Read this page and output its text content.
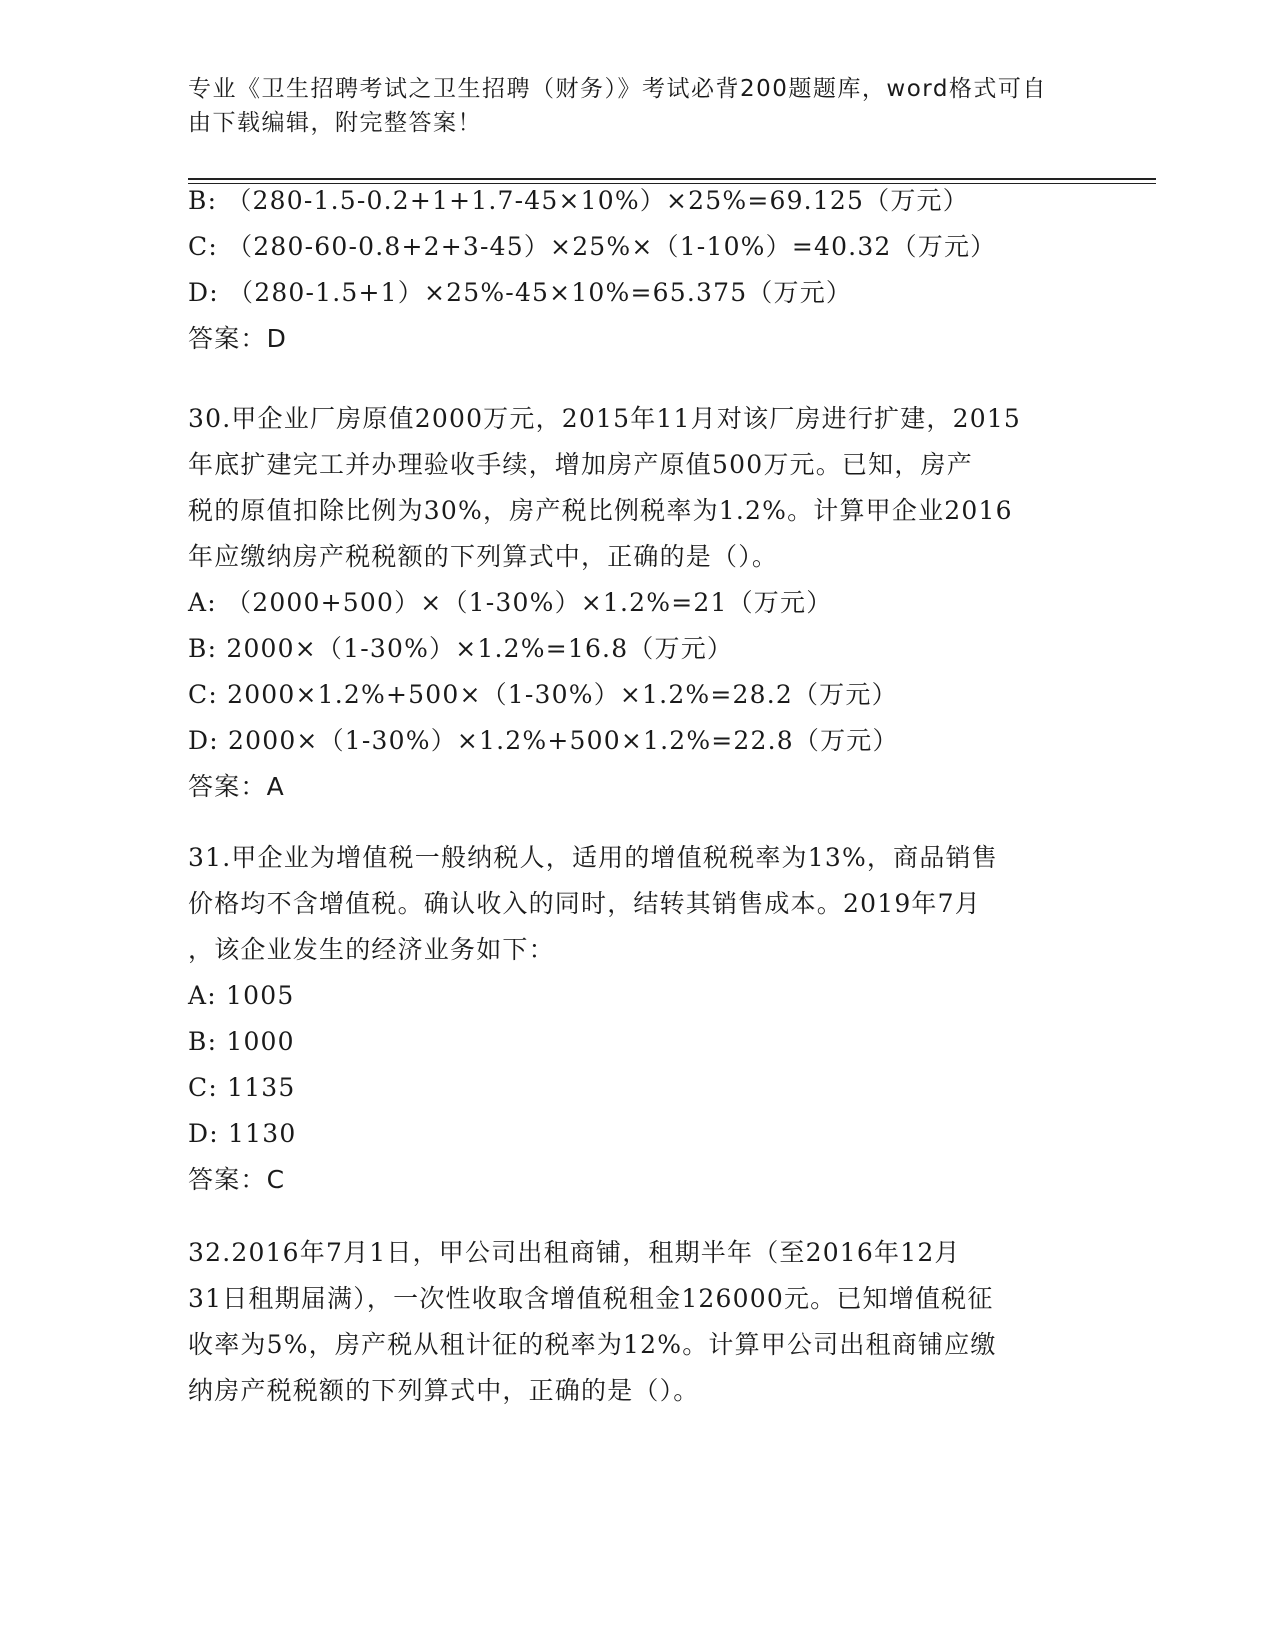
专业《卫生招聘考试之卫生招聘（财务）》考试必背200题题库，word格式可自
由下载编辑，附完整答案！
B: （280-1.5-0.2+1+1.7-45×10%）×25%=69.125（万元）
C: （280-60-0.8+2+3-45）×25%×（1-10%）=40.32（万元）
D: （280-1.5+1）×25%-45×10%=65.375（万元）
答案：D
30.甲企业厂房原值2000万元，2015年11月对该厂房进行扩建，2015
年底扩建完工并办理验收手续，增加房产原值500万元。已知，房产
税的原值扣除比例为30%，房产税比例税率为1.2%。计算甲企业2016
年应缴纳房产税税额的下列算式中，正确的是（）。
A: （2000+500）×（1-30%）×1.2%=21（万元）
B: 2000×（1-30%）×1.2%=16.8（万元）
C: 2000×1.2%+500×（1-30%）×1.2%=28.2（万元）
D: 2000×（1-30%）×1.2%+500×1.2%=22.8（万元）
答案：A
31.甲企业为增值税一般纳税人，适用的增值税税率为13%，商品销售
价格均不含增值税。确认收入的同时，结转其销售成本。2019年7月
，该企业发生的经济业务如下：
A: 1005
B: 1000
C: 1135
D: 1130
答案：C
32.2016年7月1日，甲公司出租商铺，租期半年（至2016年12月
31日租期届满），一次性收取含增值税租金126000元。已知增值税征
收率为5%，房产税从租计征的税率为12%。计算甲公司出租商铺应缴
纳房产税税额的下列算式中，正确的是（）。
